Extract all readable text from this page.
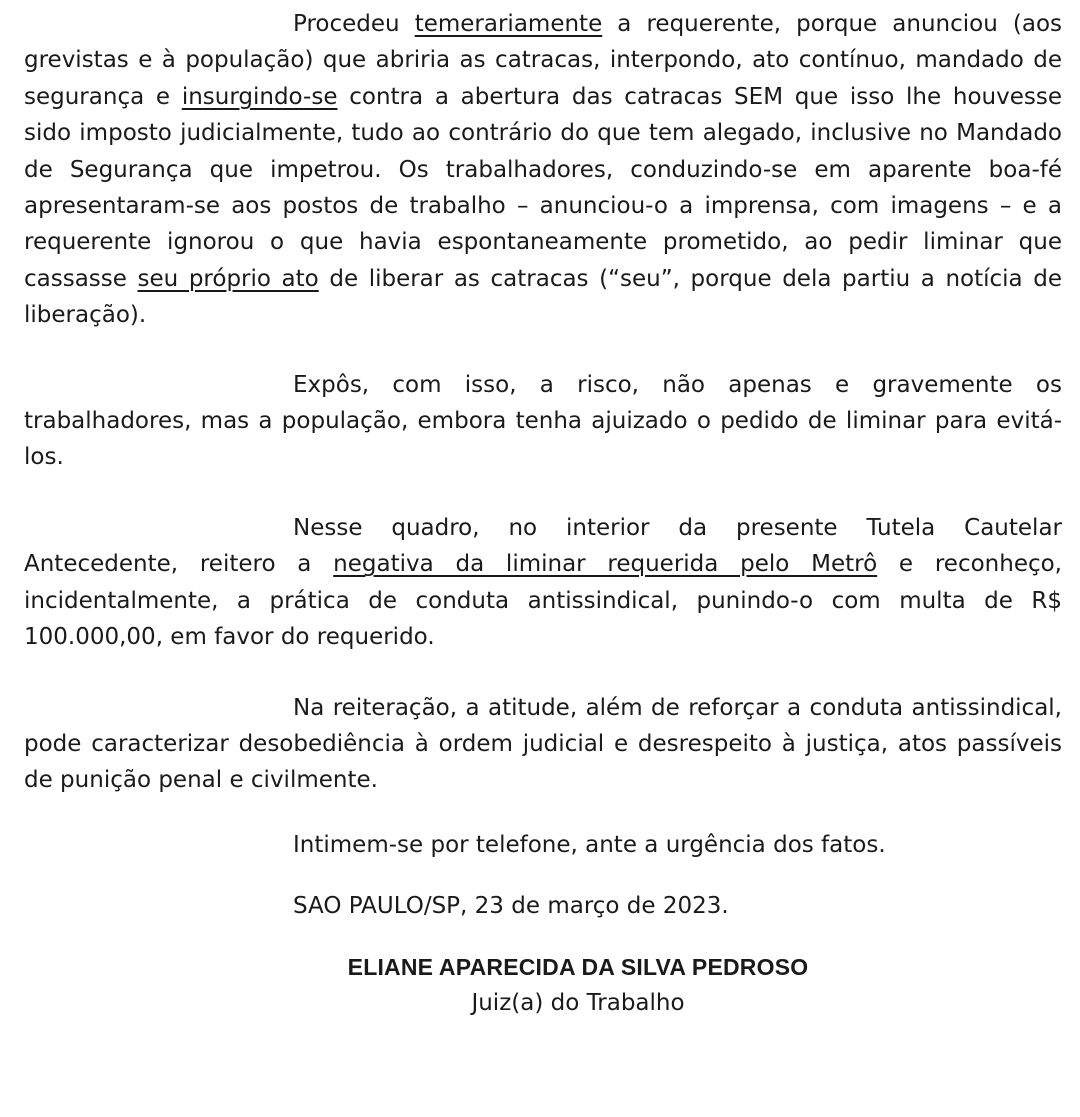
Procedeu temerariamente a requerente, porque anunciou (aos grevistas e à população) que abriria as catracas, interpondo, ato contínuo, mandado de segurança e insurgindo-se contra a abertura das catracas SEM que isso lhe houvesse sido imposto judicialmente, tudo ao contrário do que tem alegado, inclusive no Mandado de Segurança que impetrou. Os trabalhadores, conduzindo-se em aparente boa-fé apresentaram-se aos postos de trabalho – anunciou-o a imprensa, com imagens – e a requerente ignorou o que havia espontaneamente prometido, ao pedir liminar que cassasse seu próprio ato de liberar as catracas (“seu”, porque dela partiu a notícia de liberação).

Expôs, com isso, a risco, não apenas e gravemente os trabalhadores, mas a população, embora tenha ajuizado o pedido de liminar para evitá-los.

Nesse quadro, no interior da presente Tutela Cautelar Antecedente, reitero a negativa da liminar requerida pelo Metrô e reconheço, incidentalmente, a prática de conduta antissindical, punindo-o com multa de R$ 100.000,00, em favor do requerido.

Na reiteração, a atitude, além de reforçar a conduta antissindical, pode caracterizar desobediência à ordem judicial e desrespeito à justiça, atos passíveis de punição penal e civilmente.

Intimem-se por telefone, ante a urgência dos fatos.

SAO PAULO/SP, 23 de março de 2023.

ELIANE APARECIDA DA SILVA PEDROSO
Juiz(a) do Trabalho
